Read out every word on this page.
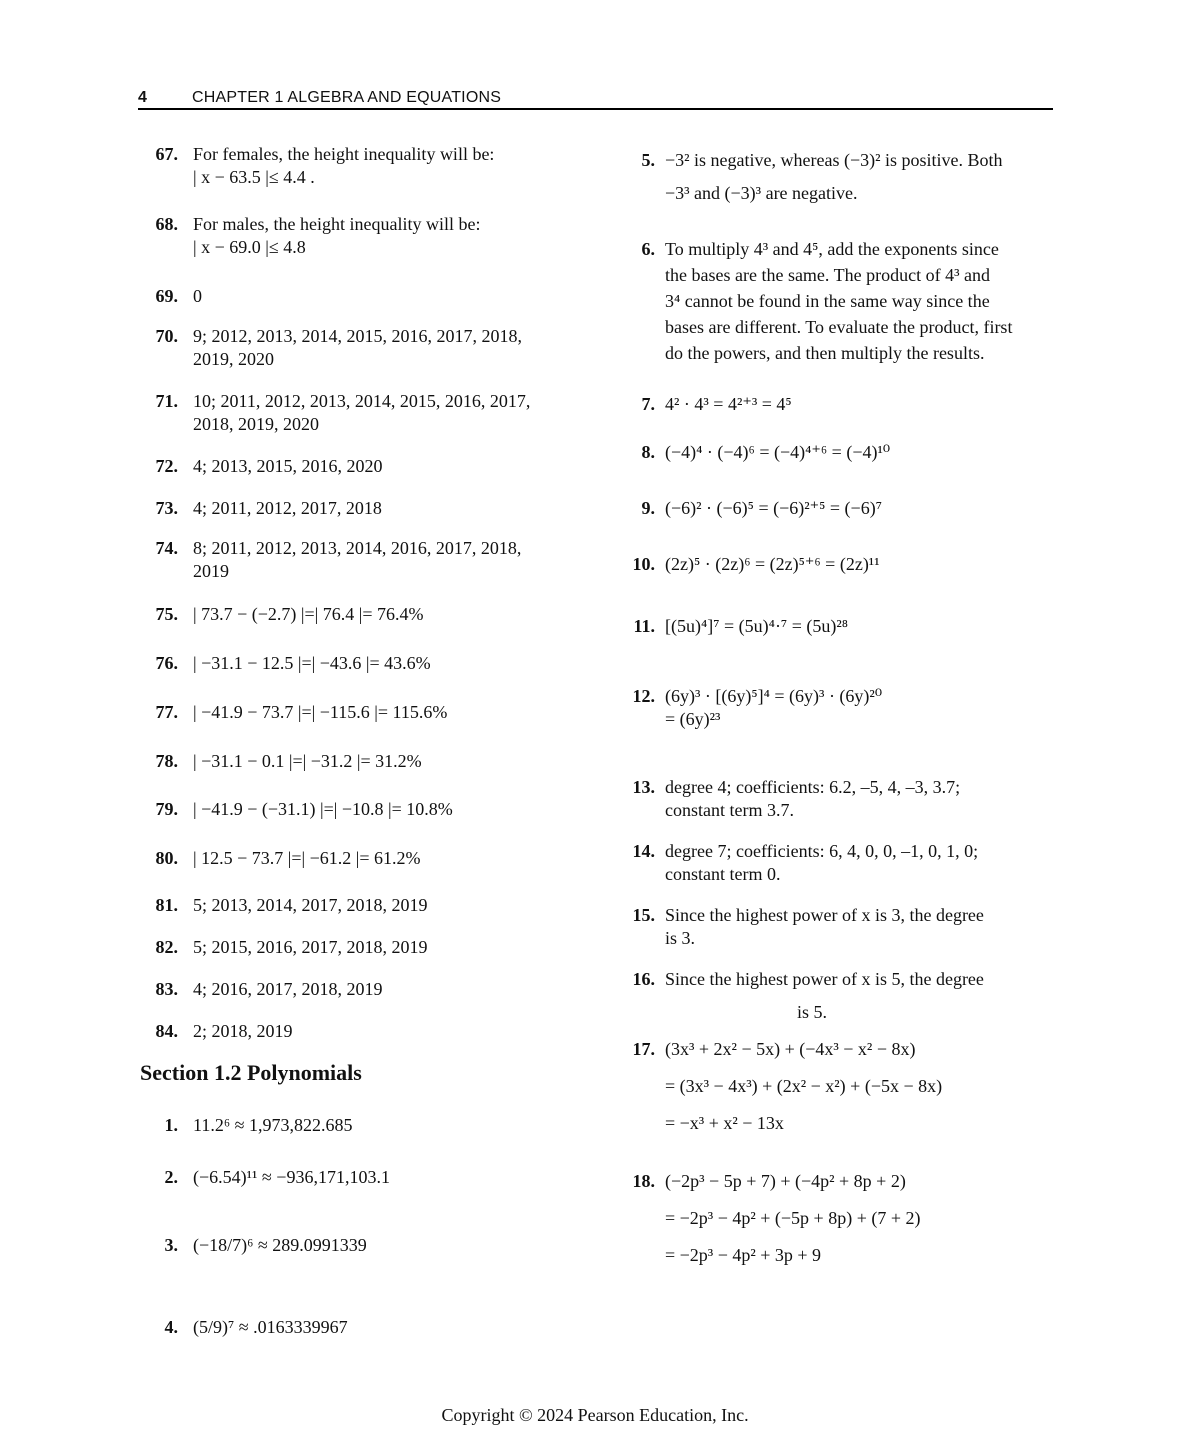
4	CHAPTER 1 ALGEBRA AND EQUATIONS
67. For females, the height inequality will be:
| x − 63.5 |≤ 4.4 .
68. For males, the height inequality will be:
| x − 69.0 |≤ 4.8
69. 0
70. 9; 2012, 2013, 2014, 2015, 2016, 2017, 2018,
2019, 2020
71. 10; 2011, 2012, 2013, 2014, 2015, 2016, 2017,
2018, 2019, 2020
72. 4; 2013, 2015, 2016, 2020
73. 4; 2011, 2012, 2017, 2018
74. 8; 2011, 2012, 2013, 2014, 2016, 2017, 2018,
2019
75. | 73.7 − (−2.7) |=| 76.4 |= 76.4%
76. | −31.1 − 12.5 |=| −43.6 |= 43.6%
77. | −41.9 − 73.7 |=| −115.6 |= 115.6%
78. | −31.1 − 0.1 |=| −31.2 |= 31.2%
79. | −41.9 − (−31.1) |=| −10.8 |= 10.8%
80. | 12.5 − 73.7 |=| −61.2 |= 61.2%
81. 5; 2013, 2014, 2017, 2018, 2019
82. 5; 2015, 2016, 2017, 2018, 2019
83. 4; 2016, 2017, 2018, 2019
84. 2; 2018, 2019
1. 11.2⁶ ≈ 1,973,822.685
2. (−6.54)¹¹ ≈ −936,171,103.1
3. (−18/7)⁶ ≈ 289.0991339
4. (5/9)⁷ ≈ .0163339967
5. −3² is negative, whereas (−3)² is positive. Both
−3³ and (−3)³ are negative.
6. To multiply 4³ and 4⁵, add the exponents since
the bases are the same. The product of 4³ and
3⁴ cannot be found in the same way since the
bases are different. To evaluate the product, first
do the powers, and then multiply the results.
7. 4² · 4³ = 4²⁺³ = 4⁵
8. (−4)⁴ · (−4)⁶ = (−4)⁴⁺⁶ = (−4)¹⁰
9. (−6)² · (−6)⁵ = (−6)²⁺⁵ = (−6)⁷
10. (2z)⁵ · (2z)⁶ = (2z)⁵⁺⁶ = (2z)¹¹
11. [(5u)⁴]⁷ = (5u)⁴·⁷ = (5u)²⁸
12. (6y)³ · [(6y)⁵]⁴ = (6y)³ · (6y)²⁰
= (6y)²³
13. degree 4; coefficients: 6.2, –5, 4, –3, 3.7;
constant term 3.7.
14. degree 7; coefficients: 6, 4, 0, 0, –1, 0, 1, 0;
constant term 0.
15. Since the highest power of x is 3, the degree
is 3.
16. Since the highest power of x is 5, the degree
is 5.
17. (3x³ + 2x² − 5x) + (−4x³ − x² − 8x)
= (3x³ − 4x³) + (2x² − x²) + (−5x − 8x)
= −x³ + x² − 13x
18. (−2p³ − 5p + 7) + (−4p² + 8p + 2)
= −2p³ − 4p² + (−5p + 8p) + (7 + 2)
= −2p³ − 4p² + 3p + 9
Section 1.2 Polynomials
Copyright © 2024 Pearson Education, Inc.
